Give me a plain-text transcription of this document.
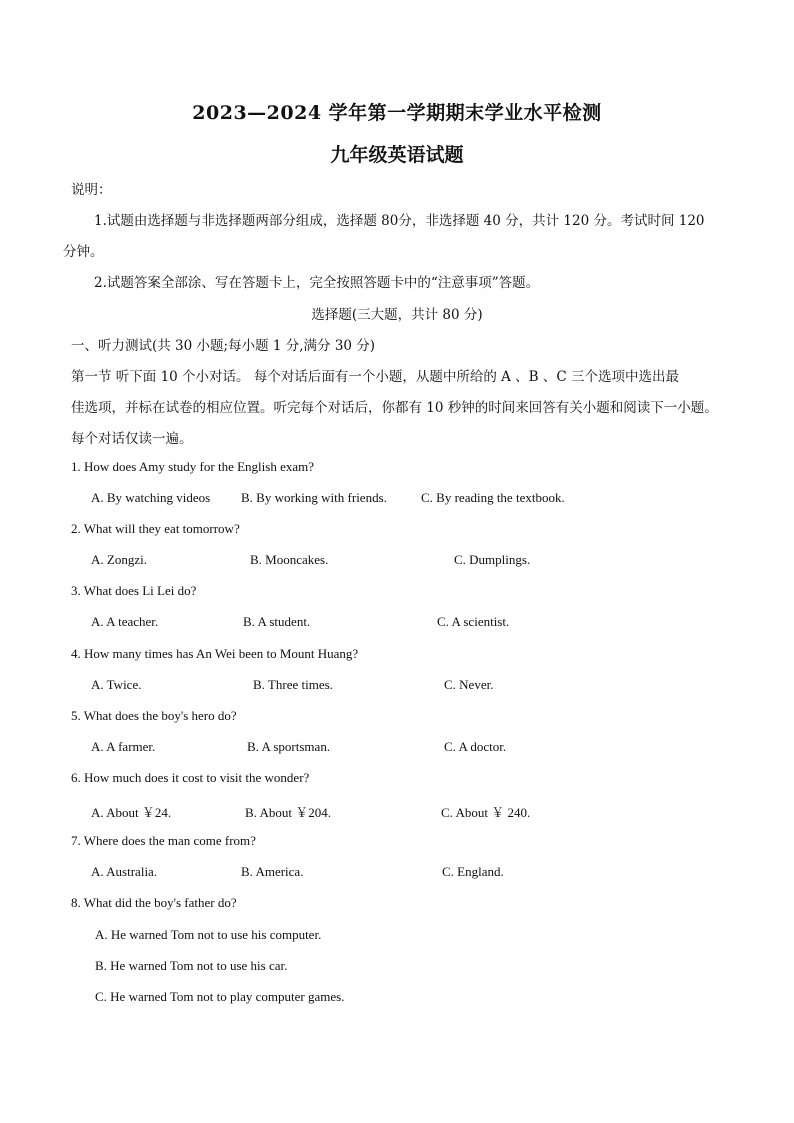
2023—2024 学年第一学期期末学业水平检测
九年级英语试题
说明：
1.试题由选择题与非选择题两部分组成，选择题 80分，非选择题 40 分，共计 120 分。考试时间 120
分钟。
2.试题答案全部涂、写在答题卡上，完全按照答题卡中的“注意事项”答题。
选择题(三大题，共计 80 分)
一、听力测试(共 30 小题;每小题 1 分,满分 30 分)
第一节 听下面 10 个小对话。 每个对话后面有一个小题，从题中所给的 A 、B 、C 三个选项中选出最
佳选项，并标在试卷的相应位置。听完每个对话后，你都有 10 秒钟的时间来回答有关小题和阅读下一小题。
每个对话仅读一遍。
1. How does Amy study for the English exam?
A. By watching videos B. By working with friends.	C. By reading the textbook.
2. What will they eat tomorrow?
A. Zongzi.	B. Mooncakes.	C. Dumplings.
3. What does Li Lei do?
A. A teacher.	B. A student.	C. A scientist.
4. How many times has An Wei been to Mount Huang?
A. Twice.	B. Three times.	C. Never.
5. What does the boy's hero do?
A. A farmer.	B. A sportsman.	C. A doctor.
6. How much does it cost to visit the wonder?
A. About ￥24.	B. About ￥204.	C. About ￥ 240.
7. Where does the man come from?
A. Australia.	B. America.	C. England.
8. What did the boy's father do?
A. He warned Tom not to use his computer.
B. He warned Tom not to use his car.
C. He warned Tom not to play computer games.
